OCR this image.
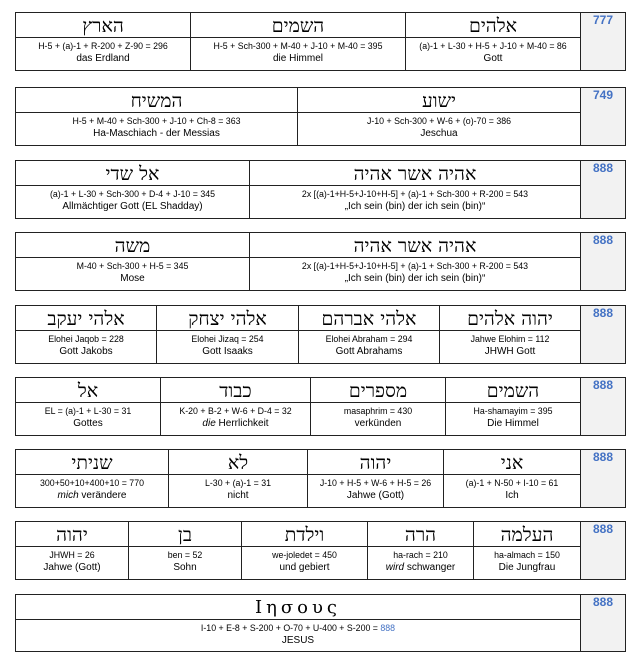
הארץ
H-5 + (a)-1 + R-200 + Z-90 = 296
das Erdland

השמים
H-5 + Sch-300 + M-40 + J-10 + M-40 = 395
die Himmel

אלהים
(a)-1 + L-30 + H-5 + J-10 + M-40 = 86
Gott
	777
המשיח
H-5 + M-40 + Sch-300 + J-10 + Ch-8 = 363
Ha-Maschiach - der Messias

ישוע
J-10 + Sch-300 + W-6 + (o)-70 = 386
Jeschua
	749
אל שדי
(a)-1 + L-30 + Sch-300 + D-4 + J-10 = 345
Allmächtiger Gott (EL Shadday)

אהיה אשר אהיה
2x [(a)-1+H-5+J-10+H-5] + (a)-1 + Sch-300 + R-200 = 543
„Ich sein (bin) der ich sein (bin)“
	888
משה
M-40 + Sch-300 + H-5 = 345
Mose

אהיה אשר אהיה
2x [(a)-1+H-5+J-10+H-5] + (a)-1 + Sch-300 + R-200 = 543
„Ich sein (bin) der ich sein (bin)“
	888
אלהי יעקב
Elohei Jaqob = 228
Gott Jakobs

אלהי יצחק
Elohei Jizaq = 254
Gott Isaaks

אלהי אברהם
Elohei Abraham = 294
Gott Abrahams

יהוה אלהים
Jahwe Elohim = 112
JHWH Gott
	888
אל
EL = (a)-1 + L-30 = 31
Gottes

כבוד
K-20 + B-2 + W-6 + D-4 = 32
die Herrlichkeit

מספרים
masaphrim = 430
verkünden

השמים
Ha-shamayim = 395
Die Himmel
	888
שניתי
300+50+10+400+10 = 770
mich verändere

לא
L-30 + (a)-1 = 31
nicht

יהוה
J-10 + H-5 + W-6 + H-5 = 26
Jahwe (Gott)

אני
(a)-1 + N-50 + I-10 = 61
Ich
	888
יהוה
JHWH = 26
Jahwe (Gott)

בן
ben = 52
Sohn

וילדת
we-joledet = 450
und gebiert

הרה
ha-rach = 210
wird schwanger

העלמה
ha-almach = 150
Die Jungfrau
	888
Ιησους
I-10 + E-8 + S-200 + O-70 + U-400 + S-200 = 888
JESUS
	888
